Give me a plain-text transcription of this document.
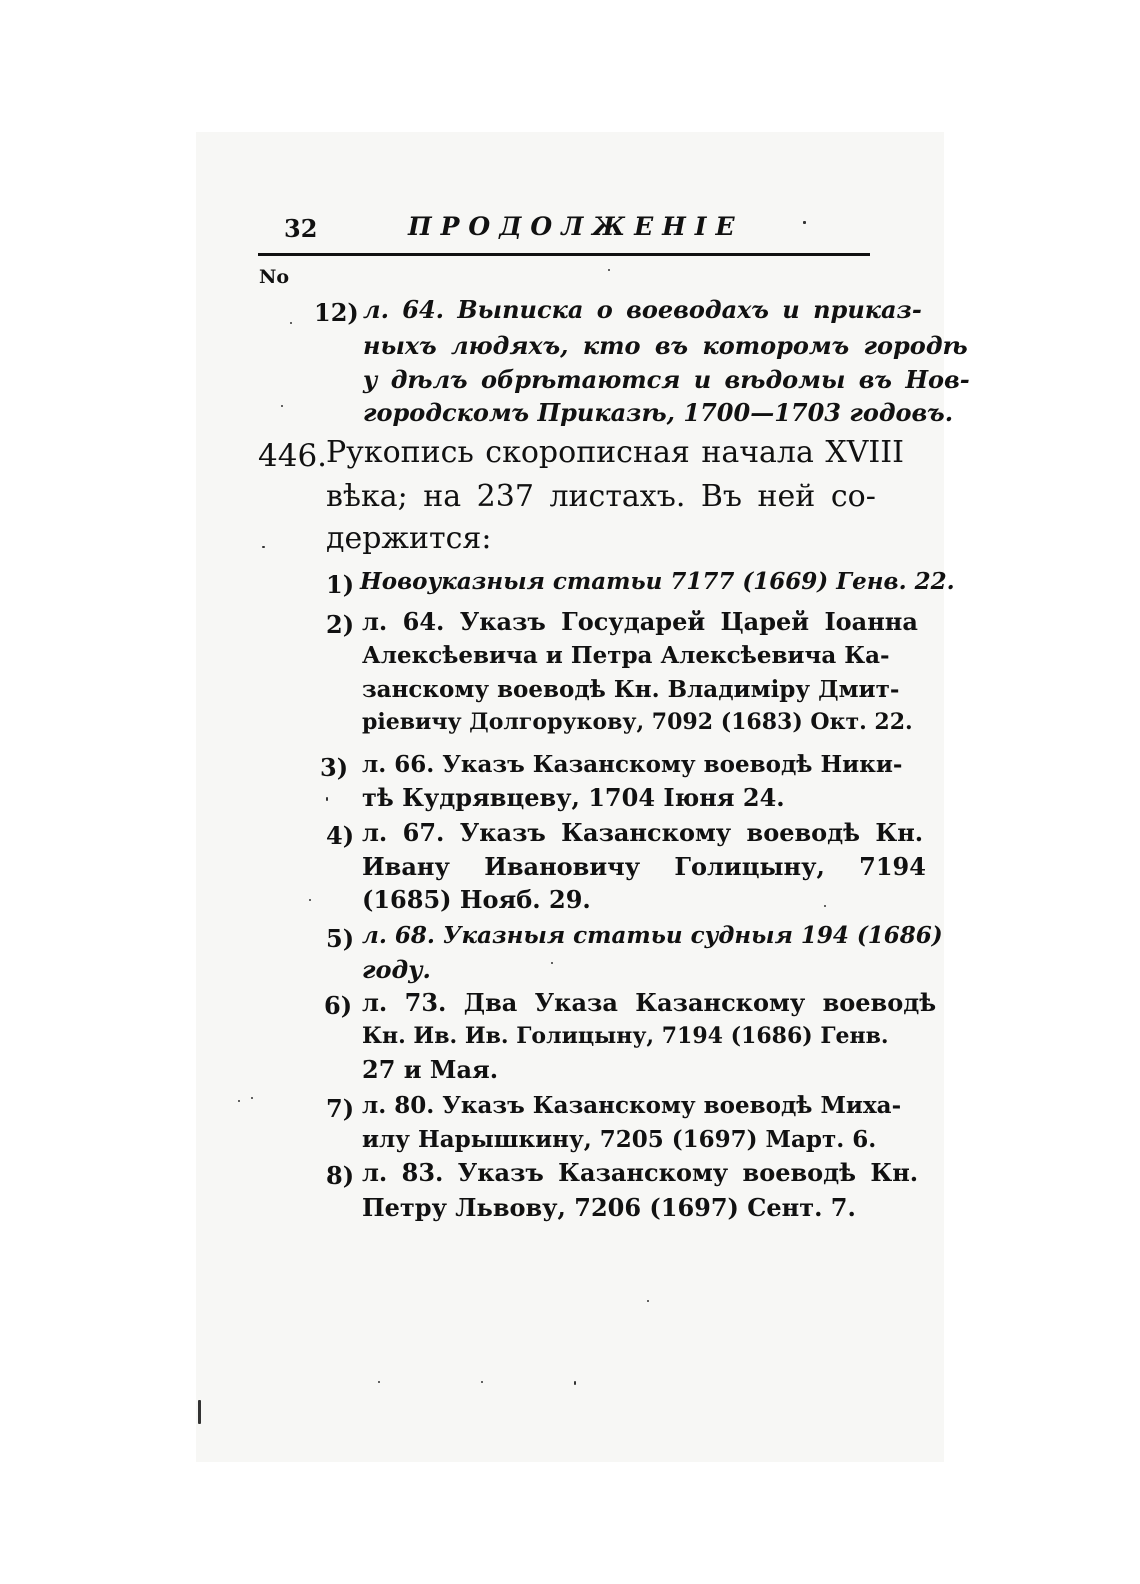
32	ПРОДОЛЖЕНІЕ
No
12) л. 64. Выписка о воеводахъ и приказ-
ныхъ людяхъ, кто въ которомъ городѣ
у дѣлъ обрѣтаются и вѣдомы въ Нов-
городскомъ Приказѣ, 1700—1703 годовъ.
446.
Рукопись скорописная начала XVIII
вѣка; на 237 листахъ. Въ ней со-
держится:
1) Новоуказныя статьи 7177 (1669) Генв. 22.
2) л. 64. Указъ Государей Царей Іоанна
Алексѣевича и Петра Алексѣевича Ка-
занскому воеводѣ Кн. Владиміру Дмит-
ріевичу Долгорукову, 7092 (1683) Окт. 22.
3) л. 66. Указъ Казанскому воеводѣ Ники-
тѣ Кудрявцеву, 1704 Іюня 24.
4) л. 67. Указъ Казанскому воеводѣ Кн.
Ивану Ивановичу Голицыну, 7194
(1685) Нояб. 29.
5) л. 68. Указныя статьи судныя 194 (1686)
году.
6) л. 73. Два Указа Казанскому воеводѣ
Кн. Ив. Ив. Голицыну, 7194 (1686) Генв.
27 и Мая.
7) л. 80. Указъ Казанскому воеводѣ Миха-
илу Нарышкину, 7205 (1697) Март. 6.
8) л. 83. Указъ Казанскому воеводѣ Кн.
Петру Львову, 7206 (1697) Сент. 7.
